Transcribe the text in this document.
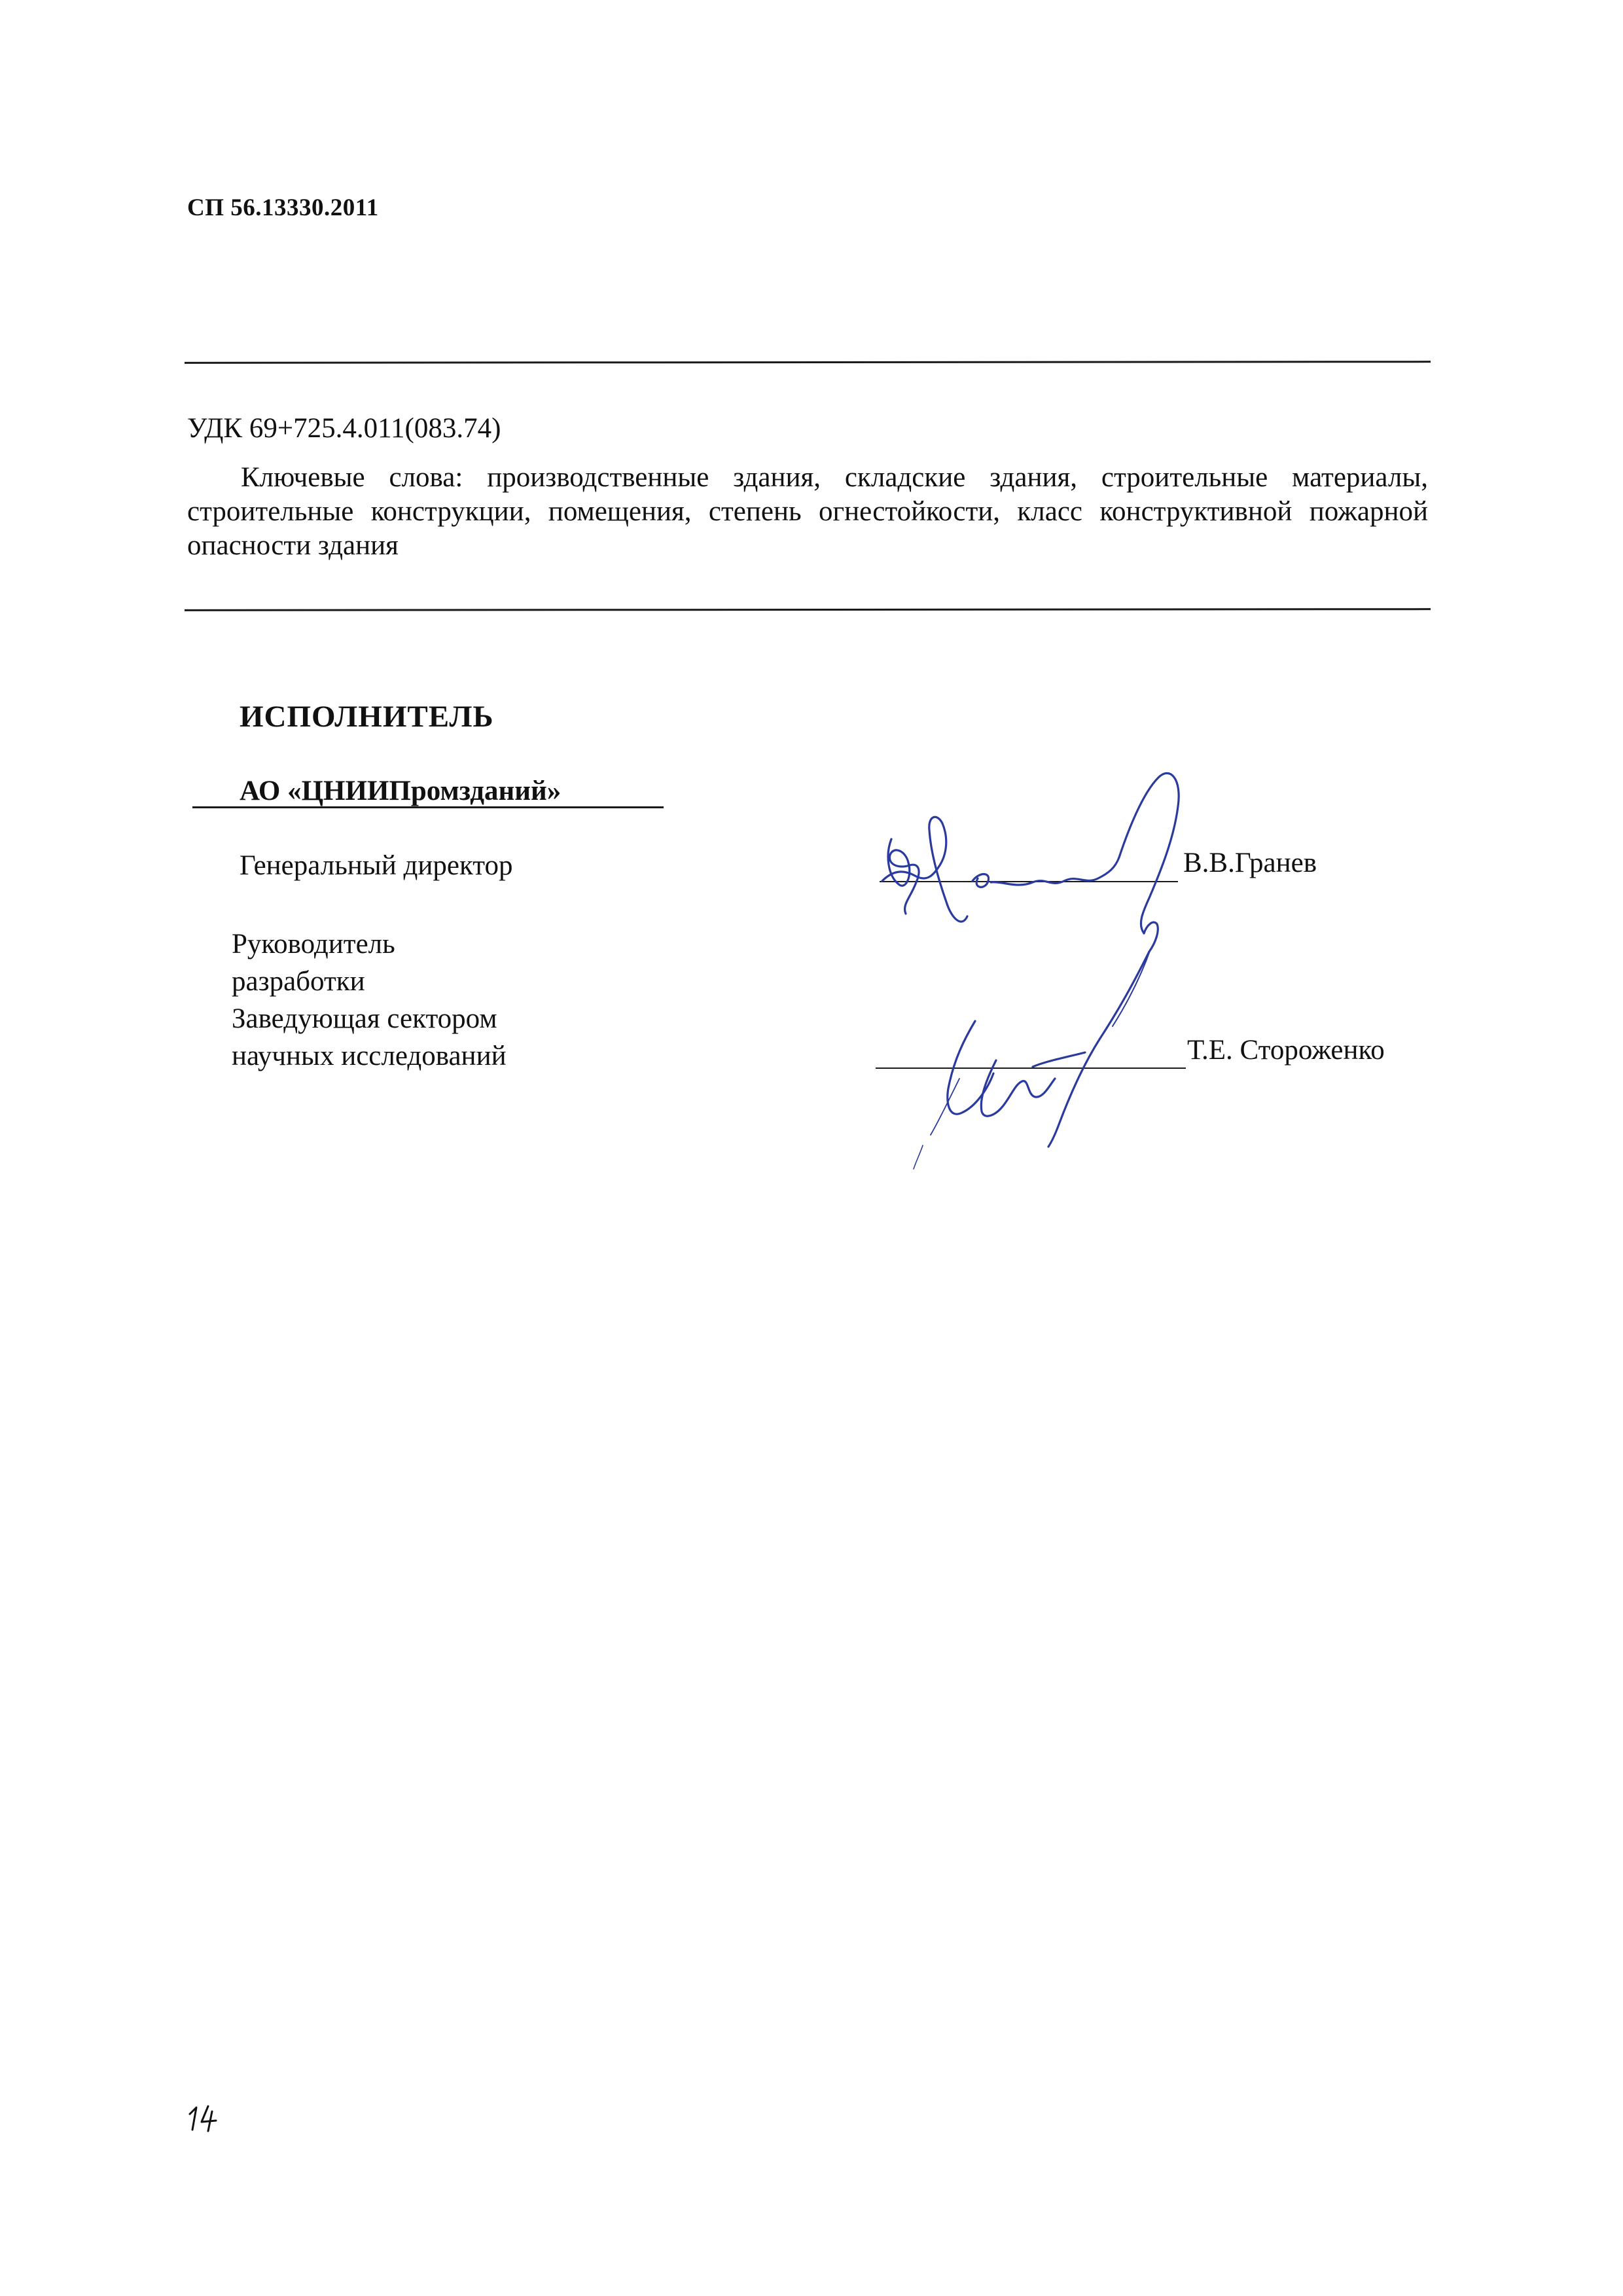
СП 56.13330.2011
УДК 69+725.4.011(083.74)
Ключевые слова: производственные здания, складские здания, строительные материалы, строительные конструкции, помещения, степень огнестойкости, класс конструктивной пожарной опасности здания
ИСПОЛНИТЕЛЬ
АО «ЦНИИПромзданий»
Генеральный директор
Руководитель
разработки
Заведующая сектором
научных исследований
В.В.Гранев
Т.Е. Стороженко
